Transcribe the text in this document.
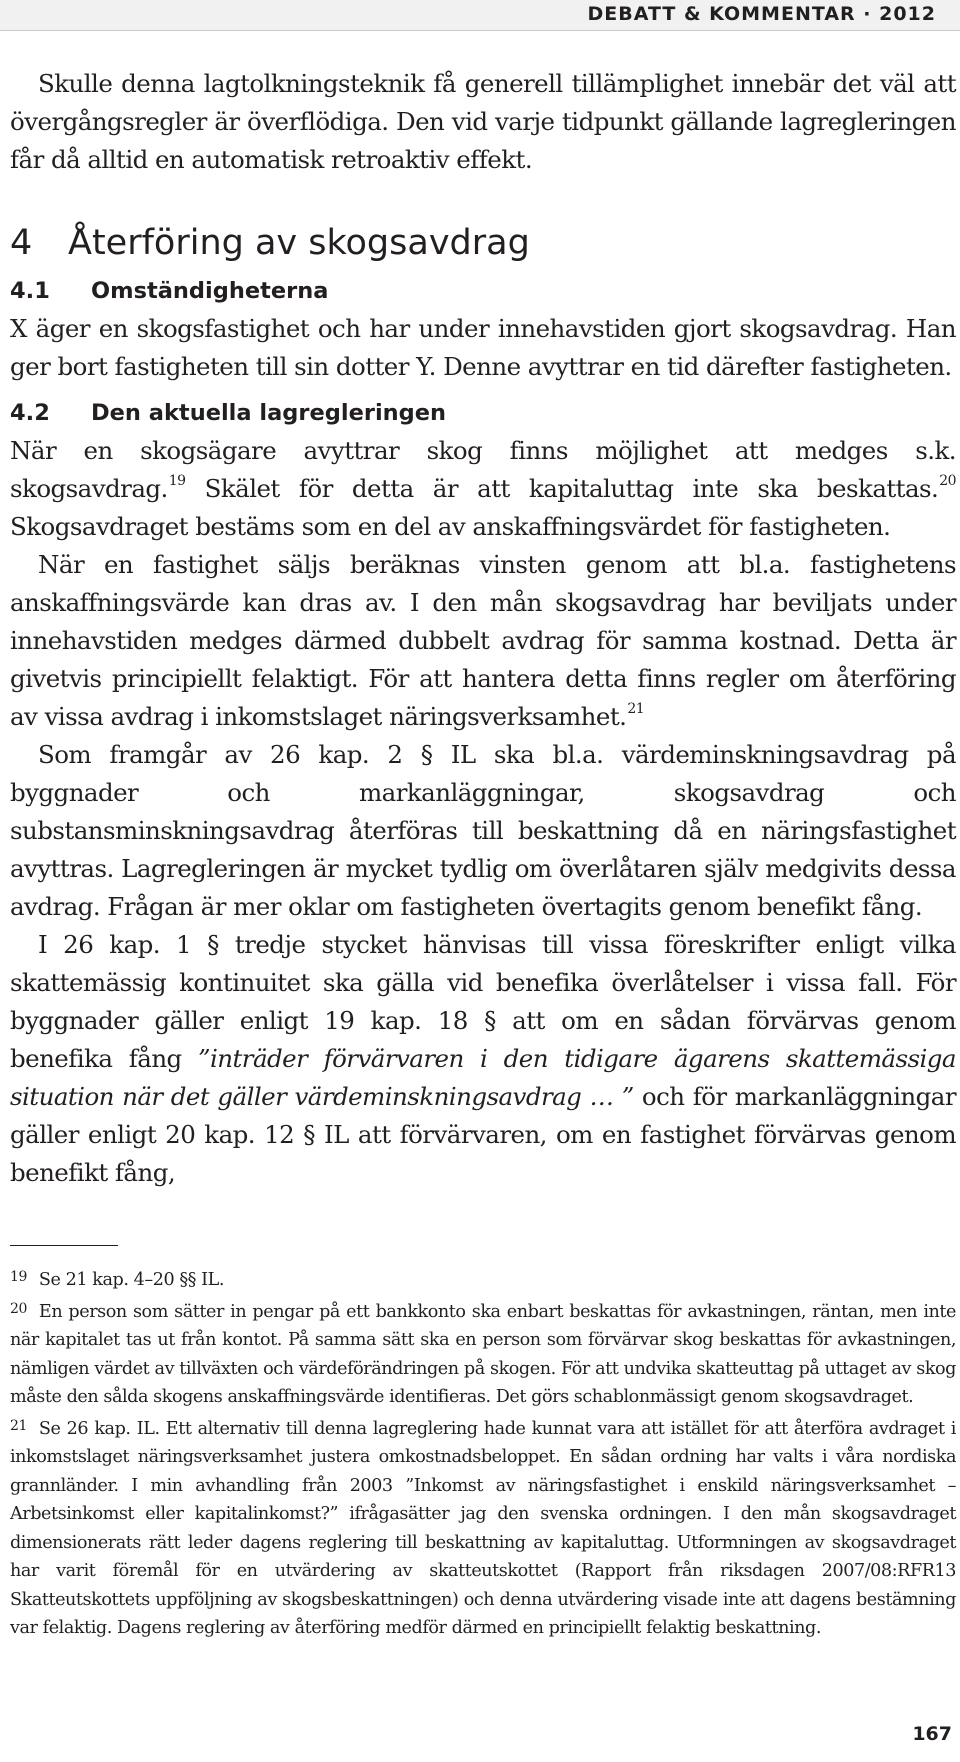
DEBATT & KOMMENTAR · 2012

Skulle denna lagtolkningsteknik få generell tillämplighet innebär det väl att övergångsregler är överflödiga. Den vid varje tidpunkt gällande lagregleringen får då alltid en automatisk retroaktiv effekt.

4 Återföring av skogsavdrag
4.1 Omständigheterna

X äger en skogsfastighet och har under innehavstiden gjort skogsavdrag. Han ger bort fastigheten till sin dotter Y. Denne avyttrar en tid därefter fastigheten.

4.2 Den aktuella lagregleringen

När en skogsägare avyttrar skog finns möjlighet att medges s.k. skogsavdrag.$^{19}$ Skälet för detta är att kapitaluttag inte ska beskattas.$^{20}$ Skogsavdraget bestäms som en del av anskaffningsvärdet för fastigheten.

När en fastighet säljs beräknas vinsten genom att bl.a. fastighetens anskaffningsvärde kan dras av. I den mån skogsavdrag har beviljats under innehavstiden medges därmed dubbelt avdrag för samma kostnad. Detta är givetvis principiellt felaktigt. För att hantera detta finns regler om återföring av vissa avdrag i inkomstslaget näringsverksamhet.$^{21}$

Som framgår av 26 kap. 2 § IL ska bl.a. värdeminskningsavdrag på byggnader och markanläggningar, skogsavdrag och substansminskningsavdrag återföras till beskattning då en näringsfastighet avyttras. Lagregleringen är mycket tydlig om överlåtaren själv medgivits dessa avdrag. Frågan är mer oklar om fastigheten övertagits genom benefikt fång.

I 26 kap. 1 § tredje stycket hänvisas till vissa föreskrifter enligt vilka skattemässig kontinuitet ska gälla vid benefika överlåtelser i vissa fall. För byggnader gäller enligt 19 kap. 18 § att om en sådan förvärvas genom benefika fång ”inträder förvärvaren i den tidigare ägarens skattemässiga situation när det gäller värdeminskningsavdrag … ” och för markanläggningar gäller enligt 20 kap. 12 § IL att förvärvaren, om en fastighet förvärvas genom benefikt fång,

$^{19}$ Se 21 kap. 4–20 §§ IL.

$^{20}$ En person som sätter in pengar på ett bankkonto ska enbart beskattas för avkastningen, räntan, men inte när kapitalet tas ut från kontot. På samma sätt ska en person som förvärvar skog beskattas för avkastningen, nämligen värdet av tillväxten och värdeförändringen på skogen. För att undvika skatteuttag på uttaget av skog måste den sålda skogens anskaffningsvärde identifieras. Det görs schablonmässigt genom skogsavdraget.

$^{21}$ Se 26 kap. IL. Ett alternativ till denna lagreglering hade kunnat vara att istället för att återföra avdraget i inkomstslaget näringsverksamhet justera omkostnadsbeloppet. En sådan ordning har valts i våra nordiska grannländer. I min avhandling från 2003 ”Inkomst av näringsfastighet i enskild näringsverksamhet – Arbetsinkomst eller kapitalinkomst?” ifrågasätter jag den svenska ordningen. I den mån skogsavdraget dimensionerats rätt leder dagens reglering till beskattning av kapitaluttag. Utformningen av skogsavdraget har varit föremål för en utvärdering av skatteutskottet (Rapport från riksdagen 2007/08:RFR13 Skatteutskottets uppföljning av skogsbeskattningen) och denna utvärdering visade inte att dagens bestämning var felaktig. Dagens reglering av återföring medför därmed en principiellt felaktig beskattning.

167
